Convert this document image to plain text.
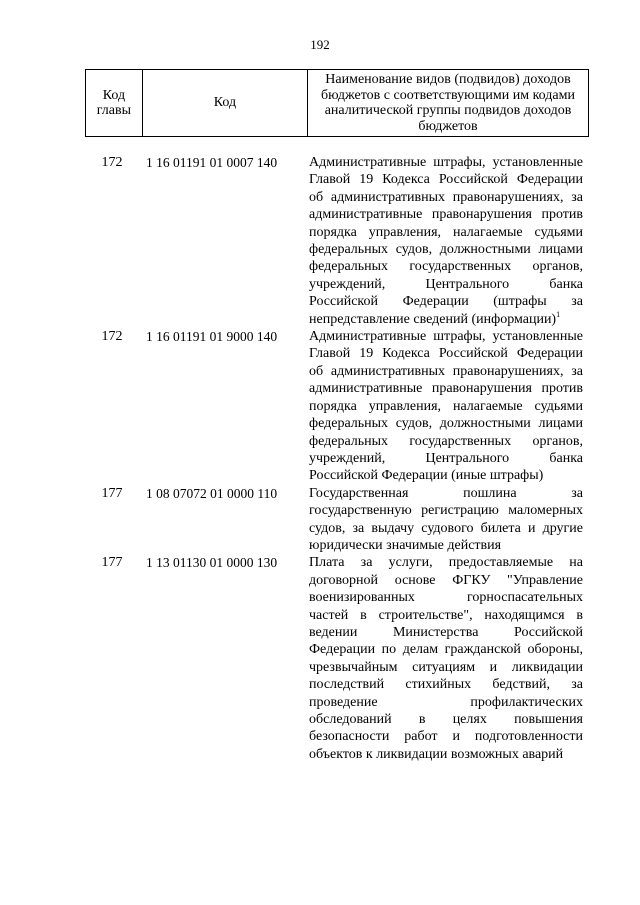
192
Код главы	Код	Наименование видов (подвидов) доходов бюджетов с соответствующими им кодами аналитической группы подвидов доходов бюджетов
172	1 16 01191 01 0007 140	Административные штрафы, установленные
Главой 19 Кодекса Российской Федерации
об административных правонарушениях, за
административные правонарушения против
порядка управления, налагаемые судьями
федеральных судов, должностными лицами
федеральных государственных органов,
учреждений, Центрального банка
Российской Федерации (штрафы за
непредставление сведений (информации)$^1$
172	1 16 01191 01 9000 140	Административные штрафы, установленные
Главой 19 Кодекса Российской Федерации
об административных правонарушениях, за
административные правонарушения против
порядка управления, налагаемые судьями
федеральных судов, должностными лицами
федеральных государственных органов,
учреждений, Центрального банка
Российской Федерации (иные штрафы)
177	1 08 07072 01 0000 110	Государственная пошлина за
государственную регистрацию маломерных
судов, за выдачу судового билета и другие
юридически значимые действия
177	1 13 01130 01 0000 130	Плата за услуги, предоставляемые на
договорной основе ФГКУ "Управление
военизированных горноспасательных
частей в строительстве", находящимся в
ведении Министерства Российской
Федерации по делам гражданской обороны,
чрезвычайным ситуациям и ликвидации
последствий стихийных бедствий, за
проведение профилактических
обследований в целях повышения
безопасности работ и подготовленности
объектов к ликвидации возможных аварий
